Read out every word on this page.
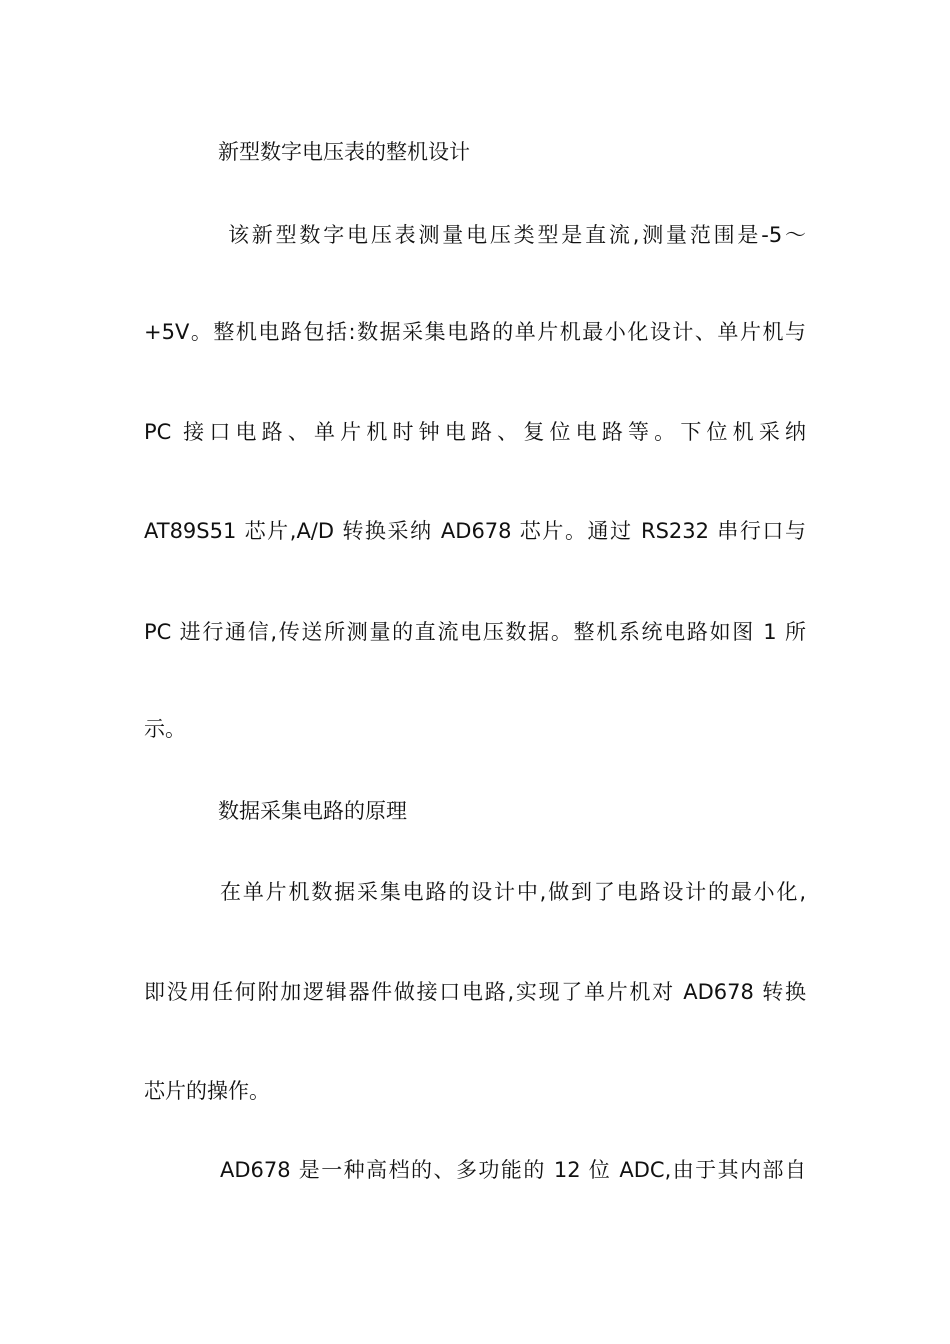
新型数字电压表的整机设计
该新型数字电压表测量电压类型是直流,测量范围是-5～
+5V。整机电路包括:数据采集电路的单片机最小化设计、单片机与
PC 接口电路、单片机时钟电路、复位电路等。下位机采纳
AT89S51 芯片,A/D 转换采纳 AD678 芯片。通过 RS232 串行口与
PC 进行通信,传送所测量的直流电压数据。整机系统电路如图 1 所
示。
数据采集电路的原理
在单片机数据采集电路的设计中,做到了电路设计的最小化,
即没用任何附加逻辑器件做接口电路,实现了单片机对 AD678 转换
芯片的操作。
AD678 是一种高档的、多功能的 12 位 ADC,由于其内部自
